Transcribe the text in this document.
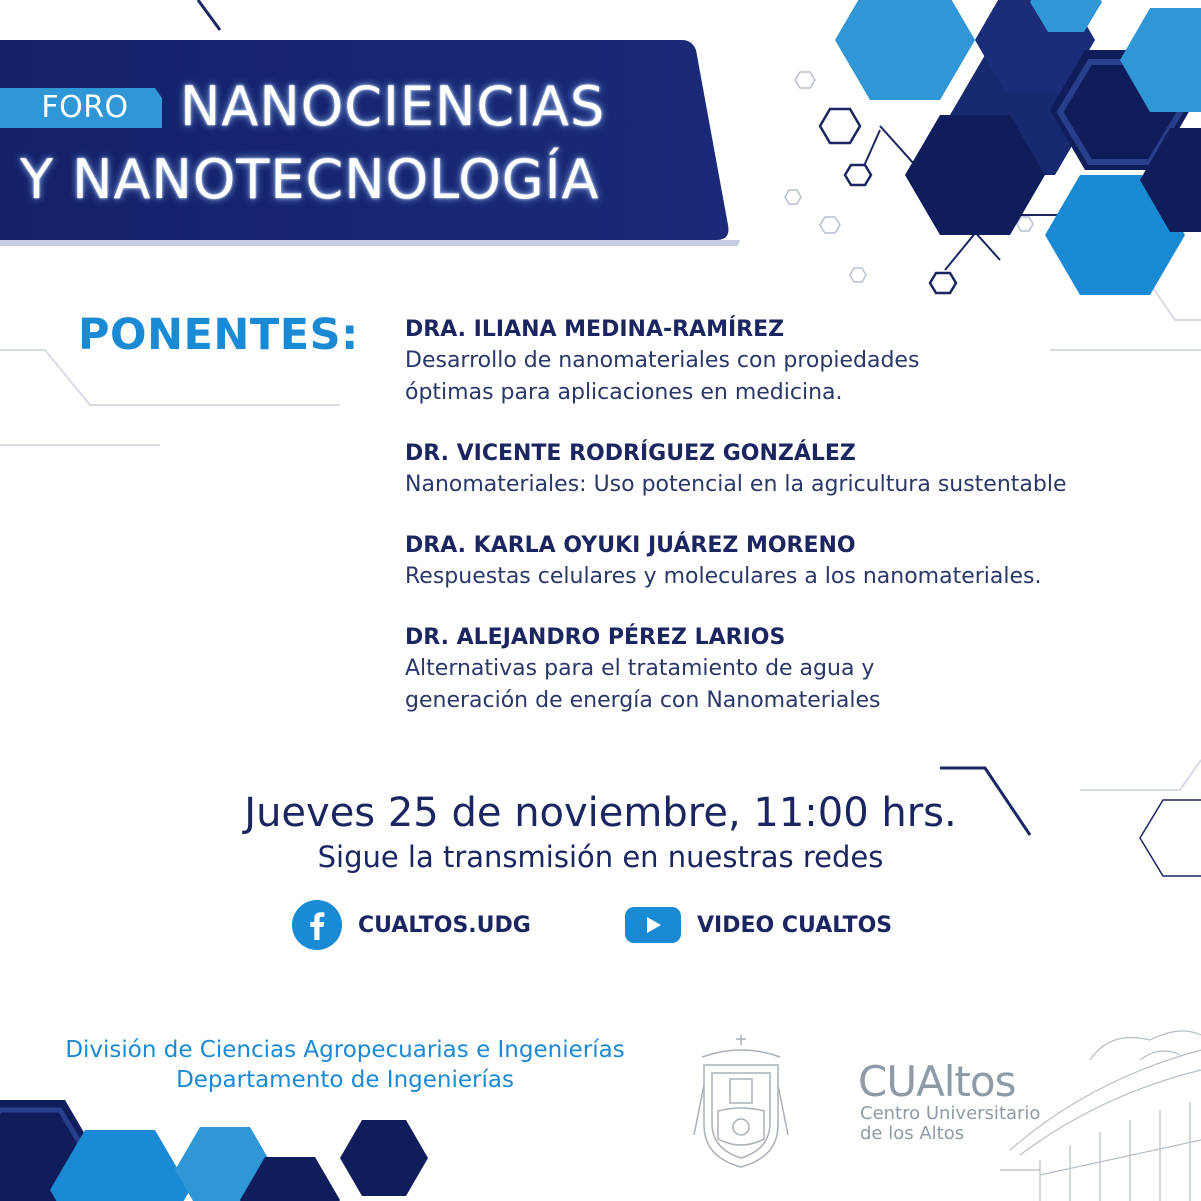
FORO NANOCIENCIAS
Y NANOTECNOLOGÍA
PONENTES: DRA. ILIANA MEDINA-RAMÍREZ
Desarrollo de nanomateriales con propiedades
óptimas para aplicaciones en medicina.
DR. VICENTE RODRÍGUEZ GONZÁLEZ
Nanomateriales: Uso potencial en la agricultura sustentable
DRA. KARLA OYUKI JUÁREZ MORENO
Respuestas celulares y moleculares a los nanomateriales.
DR. ALEJANDRO PÉREZ LARIOS
Alternativas para el tratamiento de agua y
generación de energía con Nanomateriales
Jueves 25 de noviembre, 11:00 hrs.
Sigue la transmisión en nuestras redes
CUALTOS.UDG	VIDEO CUALTOS
División de Ciencias Agropecuarias e Ingenierías
Departamento de Ingenierías	CUAltos
Centro Universitario
de los Altos
